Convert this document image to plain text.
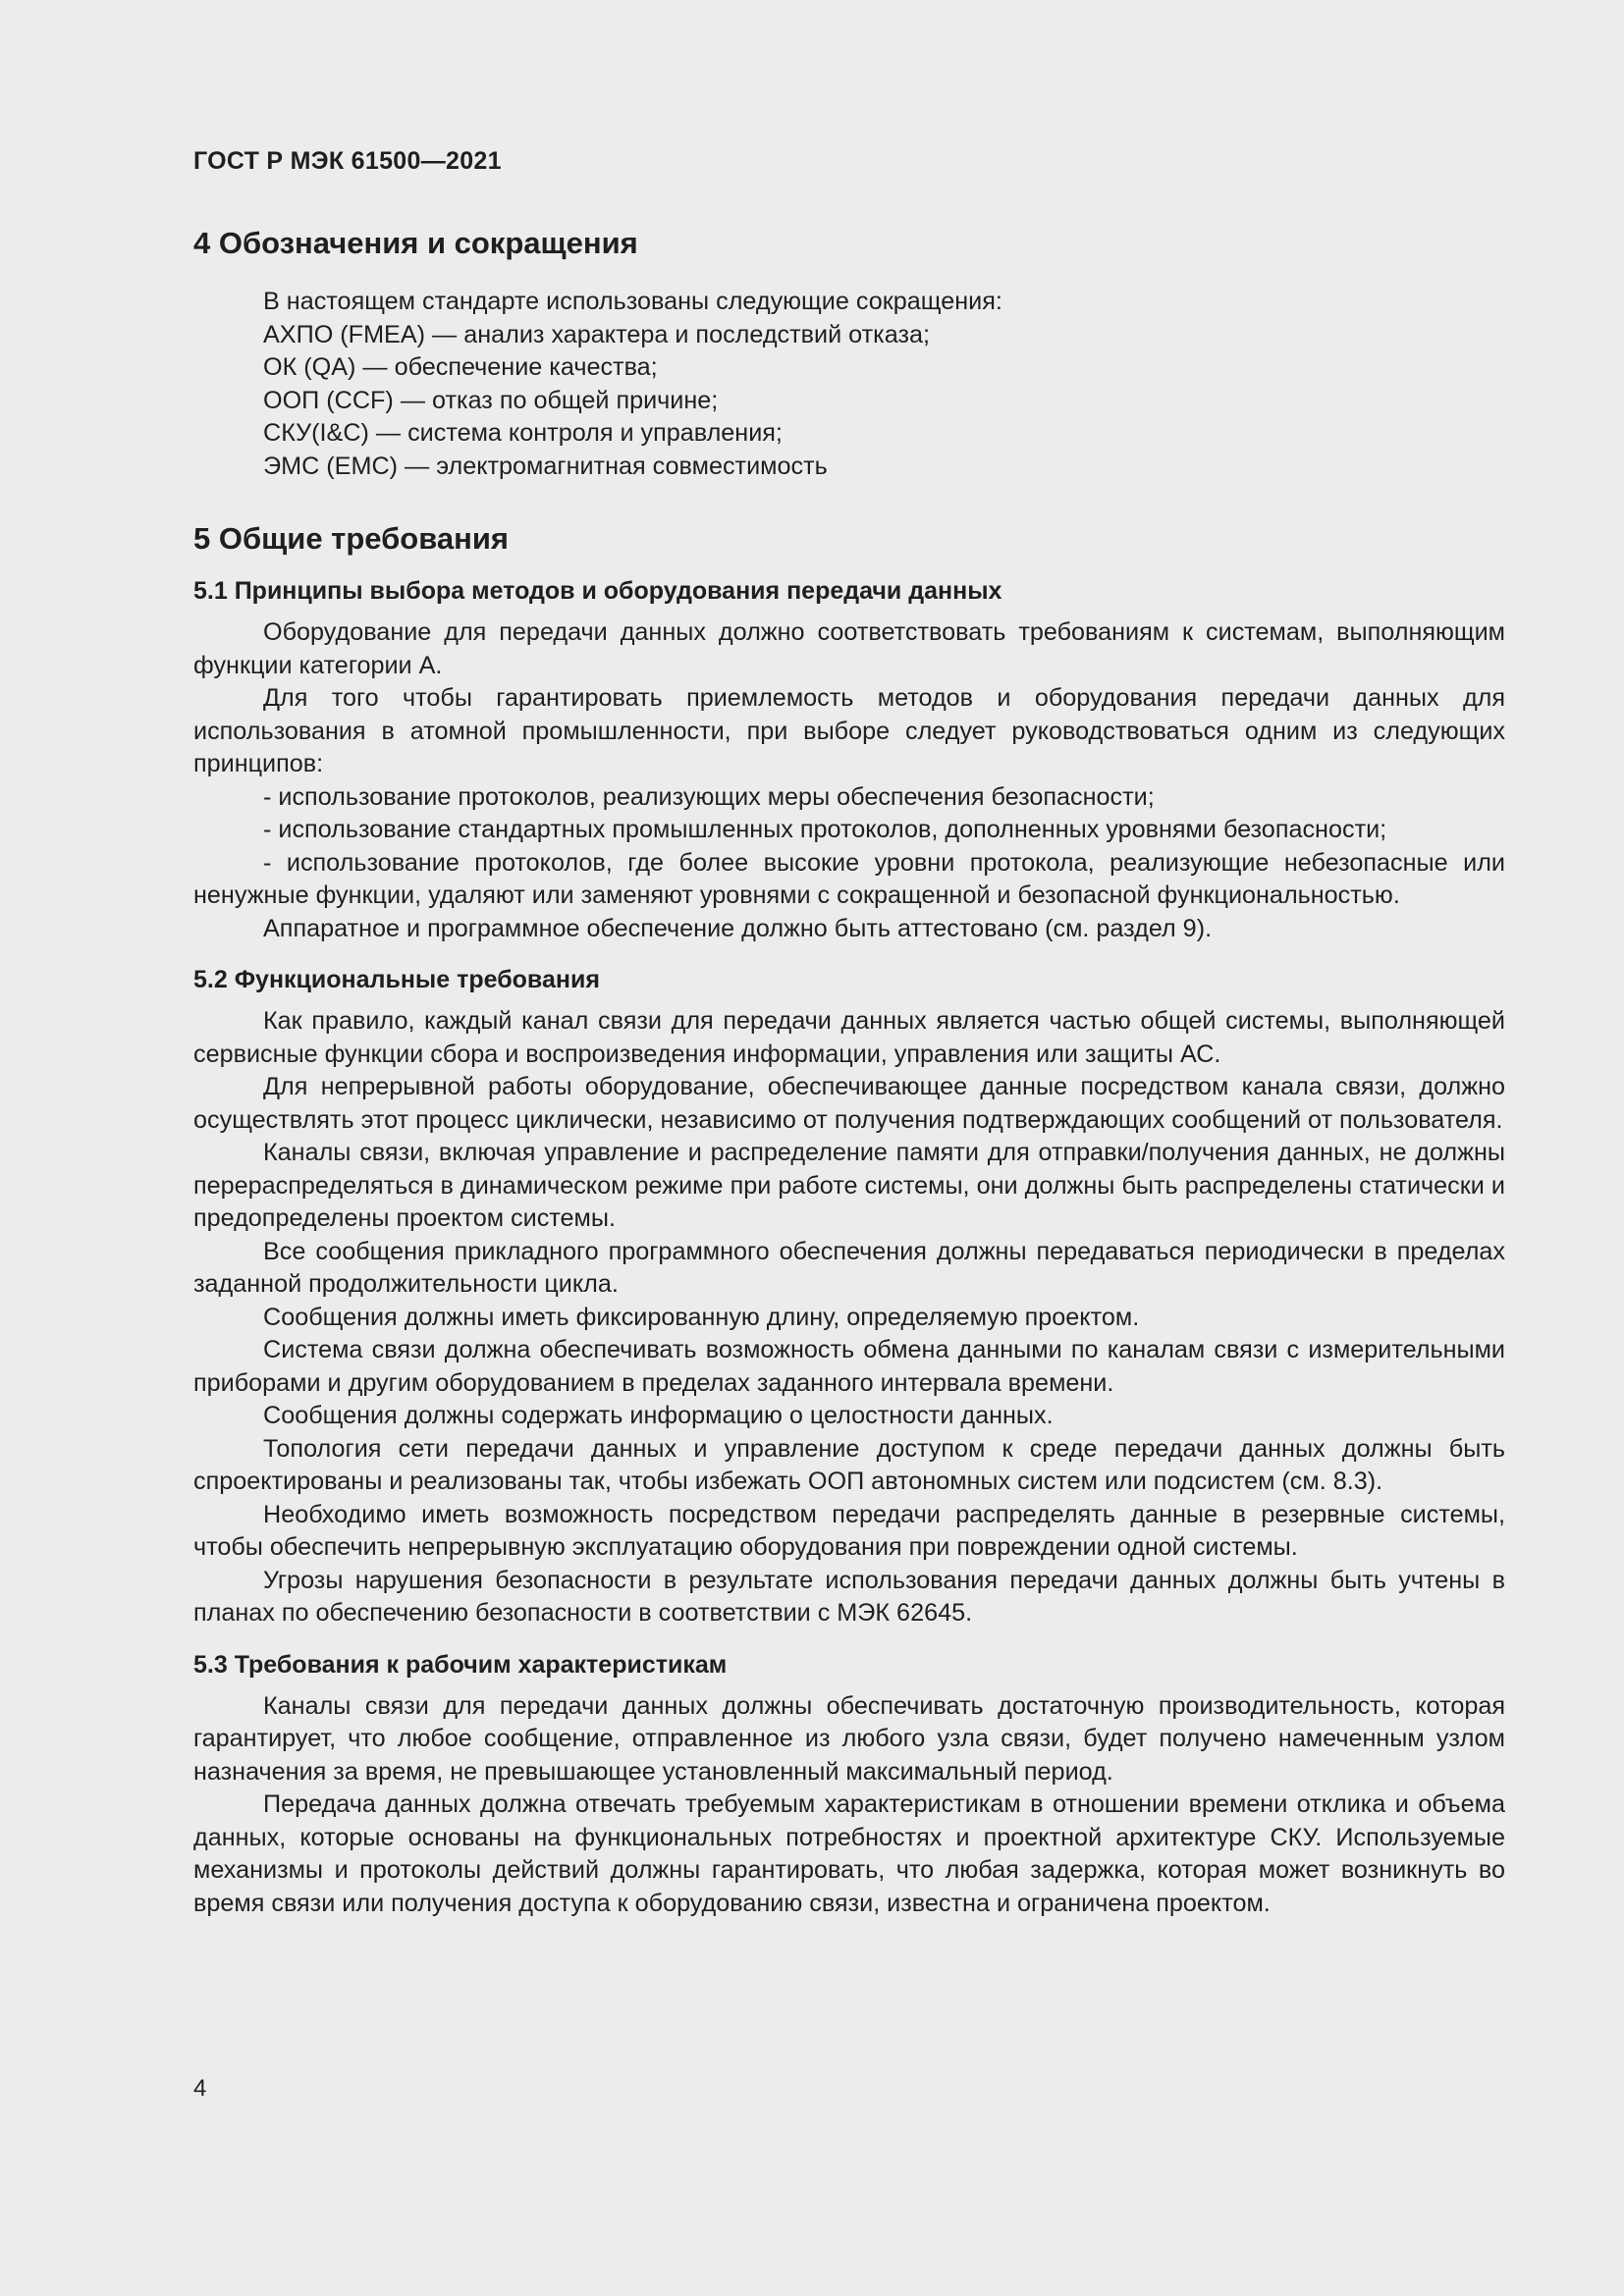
ГОСТ Р МЭК 61500—2021

4 Обозначения и сокращения

В настоящем стандарте использованы следующие сокращения:

АХПО (FMEA) — анализ характера и последствий отказа;

ОК (QA) — обеспечение качества;

ООП (CCF) — отказ по общей причине;

СКУ(I&C) — система контроля и управления;

ЭМС (EMC) — электромагнитная совместимость

5 Общие требования

5.1 Принципы выбора методов и оборудования передачи данных

Оборудование для передачи данных должно соответствовать требованиям к системам, выполняющим функции категории А.

Для того чтобы гарантировать приемлемость методов и оборудования передачи данных для использования в атомной промышленности, при выборе следует руководствоваться одним из следующих принципов:

- использование протоколов, реализующих меры обеспечения безопасности;

- использование стандартных промышленных протоколов, дополненных уровнями безопасности;

- использование протоколов, где более высокие уровни протокола, реализующие небезопасные или ненужные функции, удаляют или заменяют уровнями с сокращенной и безопасной функциональностью.

Аппаратное и программное обеспечение должно быть аттестовано (см. раздел 9).

5.2 Функциональные требования

Как правило, каждый канал связи для передачи данных является частью общей системы, выполняющей сервисные функции сбора и воспроизведения информации, управления или защиты АС.

Для непрерывной работы оборудование, обеспечивающее данные посредством канала связи, должно осуществлять этот процесс циклически, независимо от получения подтверждающих сообщений от пользователя.

Каналы связи, включая управление и распределение памяти для отправки/получения данных, не должны перераспределяться в динамическом режиме при работе системы, они должны быть распределены статически и предопределены проектом системы.

Все сообщения прикладного программного обеспечения должны передаваться периодически в пределах заданной продолжительности цикла.

Сообщения должны иметь фиксированную длину, определяемую проектом.

Система связи должна обеспечивать возможность обмена данными по каналам связи с измерительными приборами и другим оборудованием в пределах заданного интервала времени.

Сообщения должны содержать информацию о целостности данных.

Топология сети передачи данных и управление доступом к среде передачи данных должны быть спроектированы и реализованы так, чтобы избежать ООП автономных систем или подсистем (см. 8.3).

Необходимо иметь возможность посредством передачи распределять данные в резервные системы, чтобы обеспечить непрерывную эксплуатацию оборудования при повреждении одной системы.

Угрозы нарушения безопасности в результате использования передачи данных должны быть учтены в планах по обеспечению безопасности в соответствии с МЭК 62645.

5.3 Требования к рабочим характеристикам

Каналы связи для передачи данных должны обеспечивать достаточную производительность, которая гарантирует, что любое сообщение, отправленное из любого узла связи, будет получено намеченным узлом назначения за время, не превышающее установленный максимальный период.

Передача данных должна отвечать требуемым характеристикам в отношении времени отклика и объема данных, которые основаны на функциональных потребностях и проектной архитектуре СКУ. Используемые механизмы и протоколы действий должны гарантировать, что любая задержка, которая может возникнуть во время связи или получения доступа к оборудованию связи, известна и ограничена проектом.

4
